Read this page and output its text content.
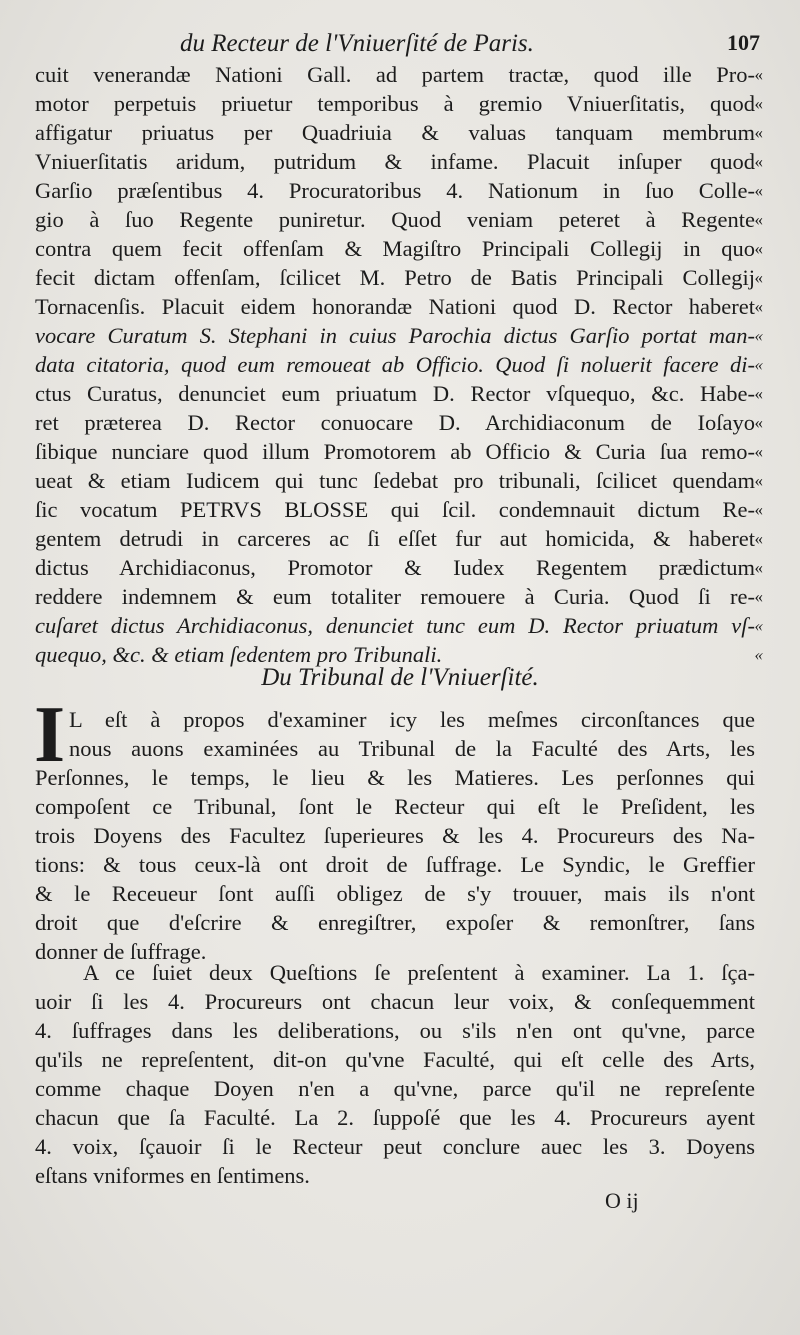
du Recteur de l'Vniuerſité de Paris.	107
cuit venerandæ Nationi Gall. ad partem tractæ, quod ille Pro- «
motor perpetuis priuetur temporibus à gremio Vniuerſitatis, quod «
affigatur priuatus per Quadriuia & valuas tanquam membrum «
Vniuerſitatis aridum, putridum & infame. Placuit inſuper quod «
Garſio præſentibus 4. Procuratoribus 4. Nationum in ſuo Colle- «
gio à ſuo Regente puniretur. Quod veniam peteret à Regente «
contra quem fecit offenſam & Magiſtro Principali Collegij in quo «
fecit dictam offenſam, ſcilicet M. Petro de Batis Principali Collegij «
Tornacenſis. Placuit eidem honorandæ Nationi quod D. Rector haberet «
vocare Curatum S. Stephani in cuius Parochia dictus Garſio portat man- «
data citatoria, quod eum remoueat ab Officio. Quod ſi noluerit facere di- «
ctus Curatus, denunciet eum priuatum D. Rector vſquequo, &c. Habe- «
ret præterea D. Rector conuocare D. Archidiaconum de Ioſayo «
ſibique nunciare quod illum Promotorem ab Officio & Curia ſua remo- «
ueat & etiam Iudicem qui tunc ſedebat pro tribunali, ſcilicet quendam «
ſic vocatum PETRVS BLOSSE qui ſcil. condemnauit dictum Re- «
gentem detrudi in carceres ac ſi eſſet fur aut homicida, & haberet «
dictus Archidiaconus, Promotor & Iudex Regentem prædictum «
reddere indemnem & eum totaliter remouere à Curia. Quod ſi re- «
cuſaret dictus Archidiaconus, denunciet tunc eum D. Rector priuatum vſ- «
quequo, &c. & etiam ſedentem pro Tribunali.	«
Du Tribunal de l'Vniuerſité.
I L eſt à propos d'examiner icy les meſmes circonſtances que
nous auons examinées au Tribunal de la Faculté des Arts, les
Perſonnes, le temps, le lieu & les Matieres. Les perſonnes qui
compoſent ce Tribunal, ſont le Recteur qui eſt le Preſident, les
trois Doyens des Facultez ſuperieures & les 4. Procureurs des Na-
tions: & tous ceux-là ont droit de ſuffrage. Le Syndic, le Greffier
& le Receueur ſont auſſi obligez de s'y trouuer, mais ils n'ont
droit que d'eſcrire & enregiſtrer, expoſer & remonſtrer, ſans
donner de ſuffrage.
A ce ſuiet deux Queſtions ſe preſentent à examiner. La 1. ſça-
uoir ſi les 4. Procureurs ont chacun leur voix, & conſequemment
4. ſuffrages dans les deliberations, ou s'ils n'en ont qu'vne, parce
qu'ils ne repreſentent, dit-on qu'vne Faculté, qui eſt celle des Arts,
comme chaque Doyen n'en a qu'vne, parce qu'il ne repreſente
chacun que ſa Faculté. La 2. ſuppoſé que les 4. Procureurs ayent
4. voix, ſçauoir ſi le Recteur peut conclure auec les 3. Doyens
eſtans vniformes en ſentimens.
O ij
